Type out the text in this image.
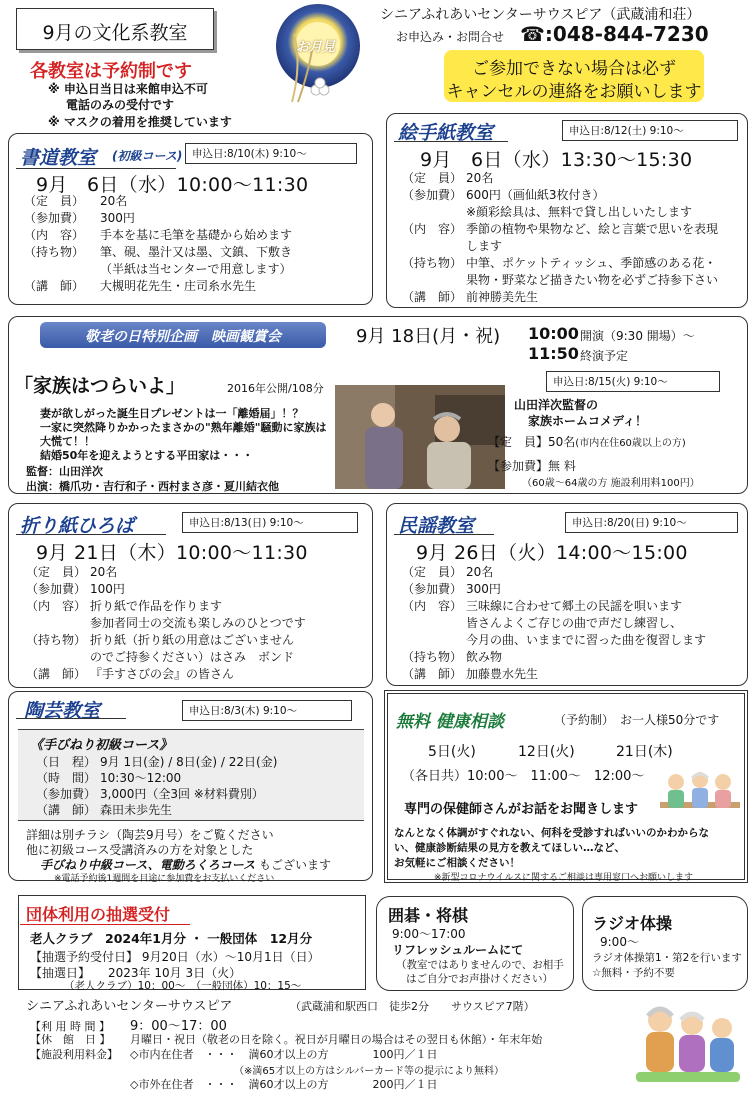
9月の文化系教室
各教室は予約制です
※ 申込日当日は来館申込不可
電話のみの受付です
※ マスクの着用を推奨しています
お月見
シニアふれあいセンターサウスピア（武蔵浦和荘）
お申込み・お問合せ ☎:048-844-7230
ご参加できない場合は必ず
キャンセルの連絡をお願いします
書道教室 (初級コース) 申込日:8/10(木) 9:10～
9月　6日（水）10:00～11:30
（定　員） 20名
（参加費） 300円
（内　容） 手本を基に毛筆を基礎から始めます
（持ち物） 筆、硯、墨汁又は墨、文鎮、下敷き
（半紙は当センターで用意します）
（講　師） 大槻明花先生・庄司糸水先生
絵手紙教室	申込日:8/12(土) 9:10～
9月　6日（水）13:30～15:30
（定　員） 20名
（参加費） 600円（画仙紙3枚付き）
※顔彩絵具は、無料で貸し出しいたします
（内　容） 季節の植物や果物など、絵と言葉で思いを表現
します
（持ち物） 中筆、ポケットティッシュ、季節感のある花・
果物・野菜など描きたい物を必ずご持参下さい
（講　師） 前神勝美先生
敬老の日特別企画　映画観賞会	9月 18日(月・祝) 10:00 開演（9:30 開場）～
11:50 終演予定
「家族はつらいよ」	2016年公開/108分	申込日:8/15(火) 9:10～
妻が欲しがった誕生日プレゼントは一「離婚届」！？
一家に突然降りかかったまさかの"熟年離婚"騒動に家族は
大慌て！！
結婚50年を迎えようとする平田家は・・・
監督：山田洋次
出演：橋爪功・吉行和子・西村まさ彦・夏川結衣他
山田洋次監督の
家族ホームコメディ！
【定　員】50名(市内在住60歳以上の方)
【参加費】無 料
（60歳～64歳の方 施設利用料100円）
折り紙ひろば	申込日:8/13(日) 9:10～
9月 21日（木）10:00～11:30
（定　員） 20名
（参加費） 100円
（内　容） 折り紙で作品を作ります
参加者同士の交流も楽しみのひとつです
（持ち物） 折り紙（折り紙の用意はございません
のでご持参ください）はさみ　ボンド
（講　師） 『手すさびの会』の皆さん
民謡教室	申込日:8/20(日) 9:10～
9月 26日（火）14:00～15:00
（定　員） 20名
（参加費） 300円
（内　容） 三味線に合わせて郷土の民謡を唄います
皆さんよくご存じの曲で声だし練習し、
今月の曲、いままでに習った曲を復習します
（持ち物） 飲み物
（講　師） 加藤豊水先生
陶芸教室	申込日:8/3(木) 9:10～
《手びねり初級コース》
（日　程） 9月 1日(金) / 8日(金) / 22日(金)
（時　間） 10:30～12:00
（参加費） 3,000円（全3回 ※材料費別）
（講　師） 森田未歩先生
詳細は別チラシ（陶芸9月号）をご覧ください
他に初級コース受講済みの方を対象とした
手びねり中級コース、電動ろくろコース もございます
※電話予約後1週間を目途に参加費をお支払いください
無料 健康相談	（予約制）　お一人様50分です
5日(火)	12日(火)	21日(木)
（各日共）10:00～　11:00～　12:00～
専門の保健師さんがお話をお聞きします
なんとなく体調がすぐれない、何科を受診すればいいのかわからな
い、健康診断結果の見方を教えてほしい…など、
お気軽にご相談ください！
※新型コロナウイルスに関するご相談は専用窓口へお願いします
団体利用の抽選受付
老人クラブ　2024年1月分 ・ 一般団体　12月分
【抽選予約受付日】 9月20日（水）～10月1日（日）
【抽選日】　　2023年 10月 3日（火）
（老人クラブ）10：00～　（一般団体）10：15～
囲碁・将棋
9:00～17:00
リフレッシュルームにて
（教室ではありませんので、お相手
はご自分でお声掛けください）
ラジオ体操
9:00～
ラジオ体操第1・第2を行います
☆無料・予約不要
シニアふれあいセンターサウスピア	（武蔵浦和駅西口　徒歩2分　　サウスピア7階）
【利 用 時 間 】 9：00～17：00
【休　館　日 】 月曜日・祝日（敬老の日を除く。祝日が月曜日の場合はその翌日も休館）・年末年始
【施設利用料金】 ◇市内在住者　・・・　満60才以上の方　　　　100円／１日
（※満65才以上の方はシルバーカード等の提示により無料）
◇市外在住者　・・・　満60才以上の方　　　　200円／１日
